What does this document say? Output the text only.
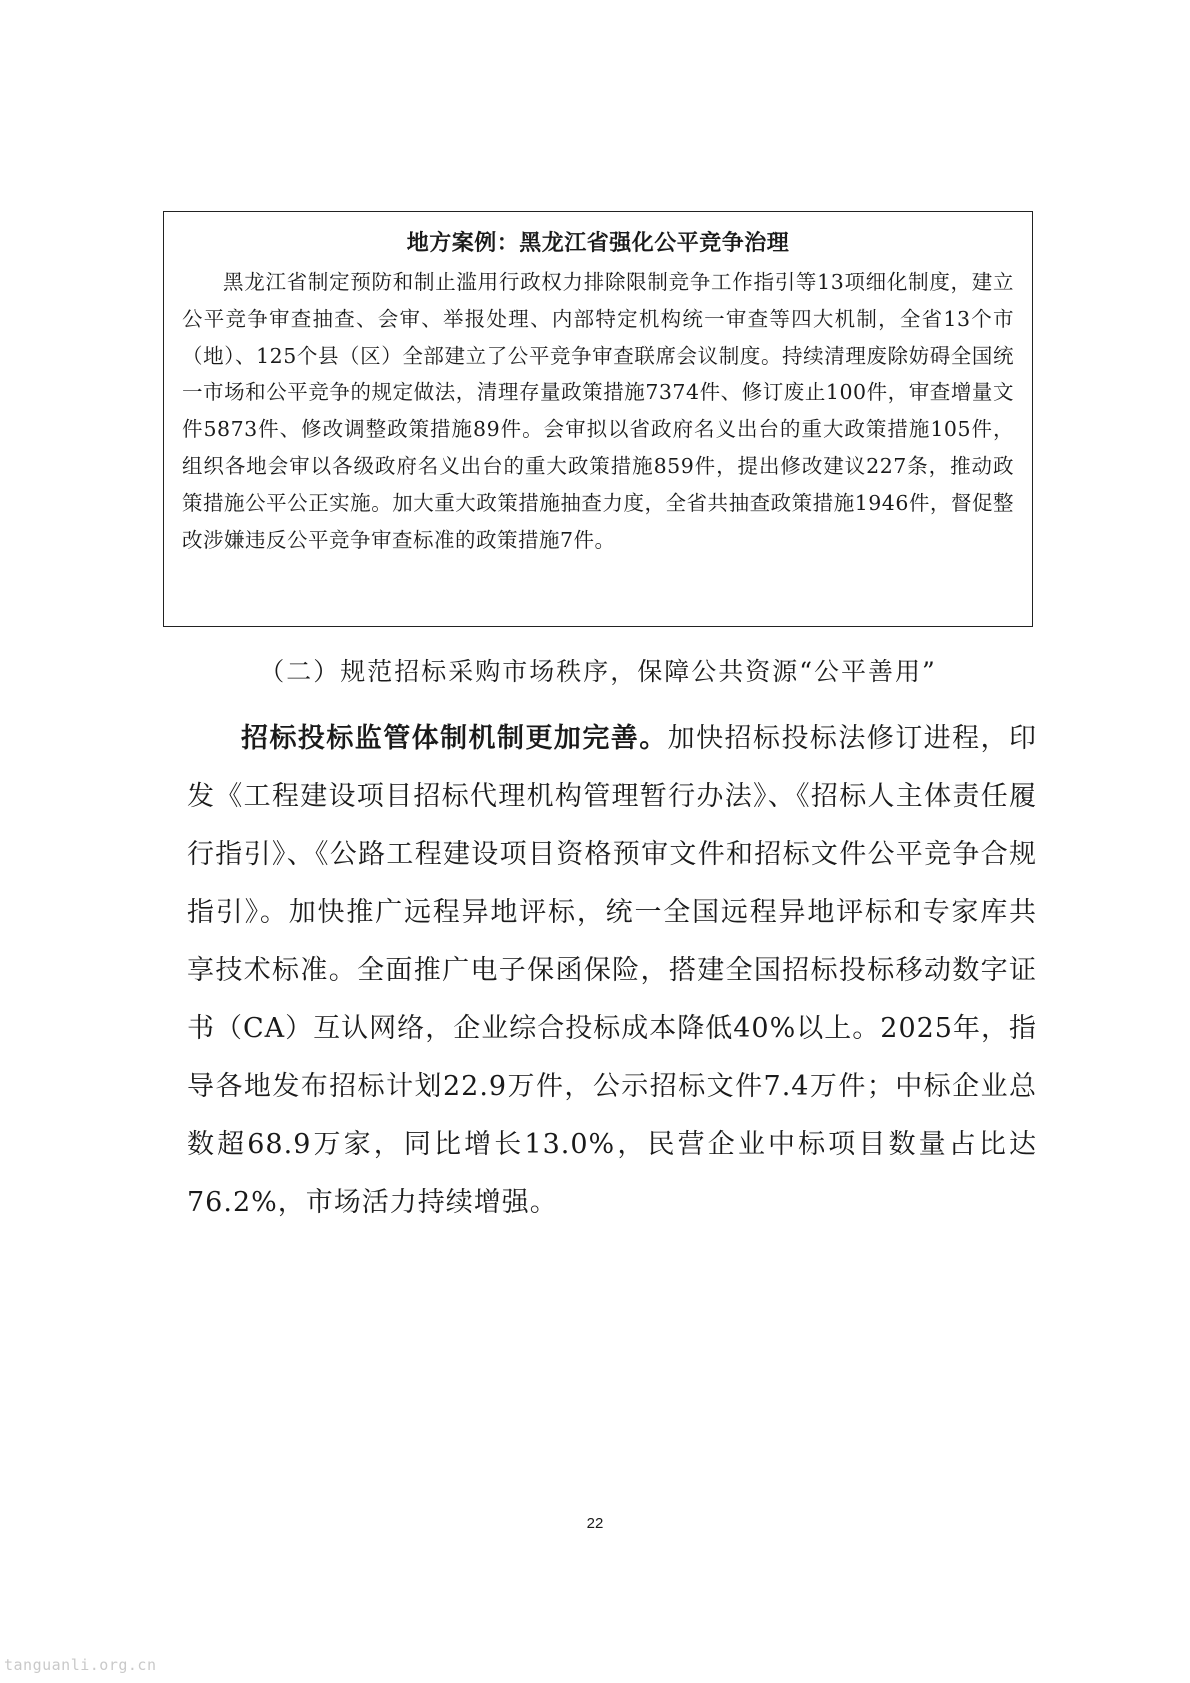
地方案例：黑龙江省强化公平竞争治理

黑龙江省制定预防和制止滥用行政权力排除限制竞争工作指引等13项细化制度，建立公平竞争审查抽查、会审、举报处理、内部特定机构统一审查等四大机制，全省13个市（地）、125个县（区）全部建立了公平竞争审查联席会议制度。持续清理废除妨碍全国统一市场和公平竞争的规定做法，清理存量政策措施7374件、修订废止100件，审查增量文件5873件、修改调整政策措施89件。会审拟以省政府名义出台的重大政策措施105件，组织各地会审以各级政府名义出台的重大政策措施859件，提出修改建议227条，推动政策措施公平公正实施。加大重大政策措施抽查力度，全省共抽查政策措施1946件，督促整改涉嫌违反公平竞争审查标准的政策措施7件。

（二）规范招标采购市场秩序，保障公共资源“公平善用”

招标投标监管体制机制更加完善。加快招标投标法修订进程，印发《工程建设项目招标代理机构管理暂行办法》、《招标人主体责任履行指引》、《公路工程建设项目资格预审文件和招标文件公平竞争合规指引》。加快推广远程异地评标，统一全国远程异地评标和专家库共享技术标准。全面推广电子保函保险，搭建全国招标投标移动数字证书（CA）互认网络，企业综合投标成本降低40%以上。2025年，指导各地发布招标计划22.9万件，公示招标文件7.4万件；中标企业总数超68.9万家，同比增长13.0%，民营企业中标项目数量占比达76.2%，市场活力持续增强。

22
tanguanli.org.cn
